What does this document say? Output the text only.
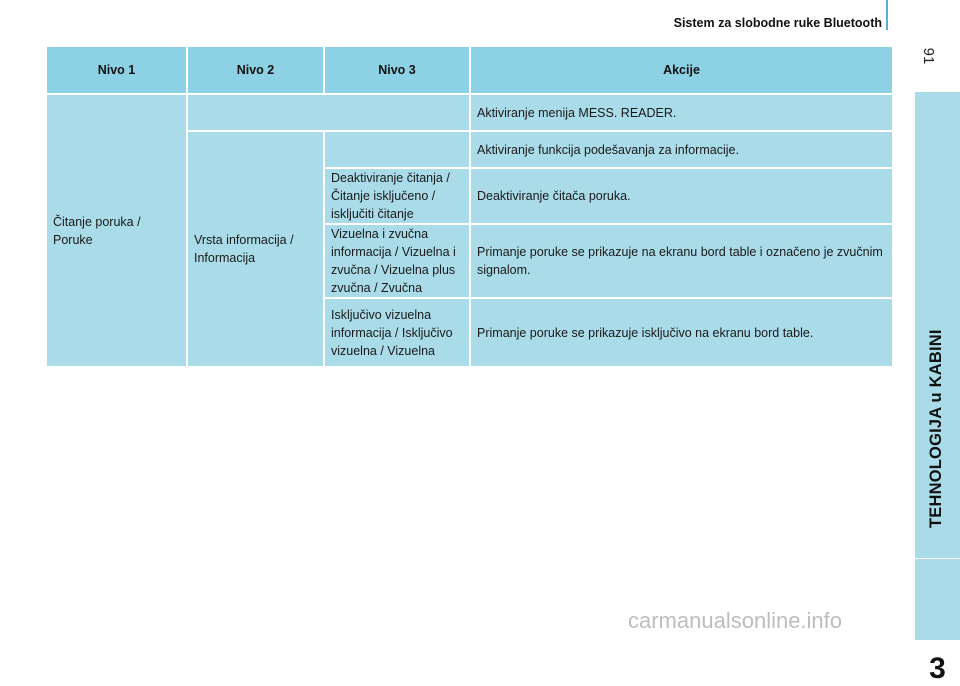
Sistem za slobodne ruke Bluetooth
91
TEHNOLOGIJA u KABINI
3
Nivo 1	Nivo 2	Nivo 3	Akcije
Čitanje poruka / Poruke			Aktiviranje menija MESS. READER.
	Vrsta informacija / Informacija		Aktiviranje funkcija podešavanja za informacije.
		Deaktiviranje čitanja / Čitanje isključeno / isključiti čitanje	Deaktiviranje čitača poruka.
		Vizuelna i zvučna informacija / Vizuelna i zvučna / Vizuelna plus zvučna / Zvučna	Primanje poruke se prikazuje na ekranu bord table i označeno je zvučnim signalom.
		Isključivo vizuelna informacija / Isključivo vizuelna / Vizuelna	Primanje poruke se prikazuje isključivo na ekranu bord table.
carmanualsonline.info
